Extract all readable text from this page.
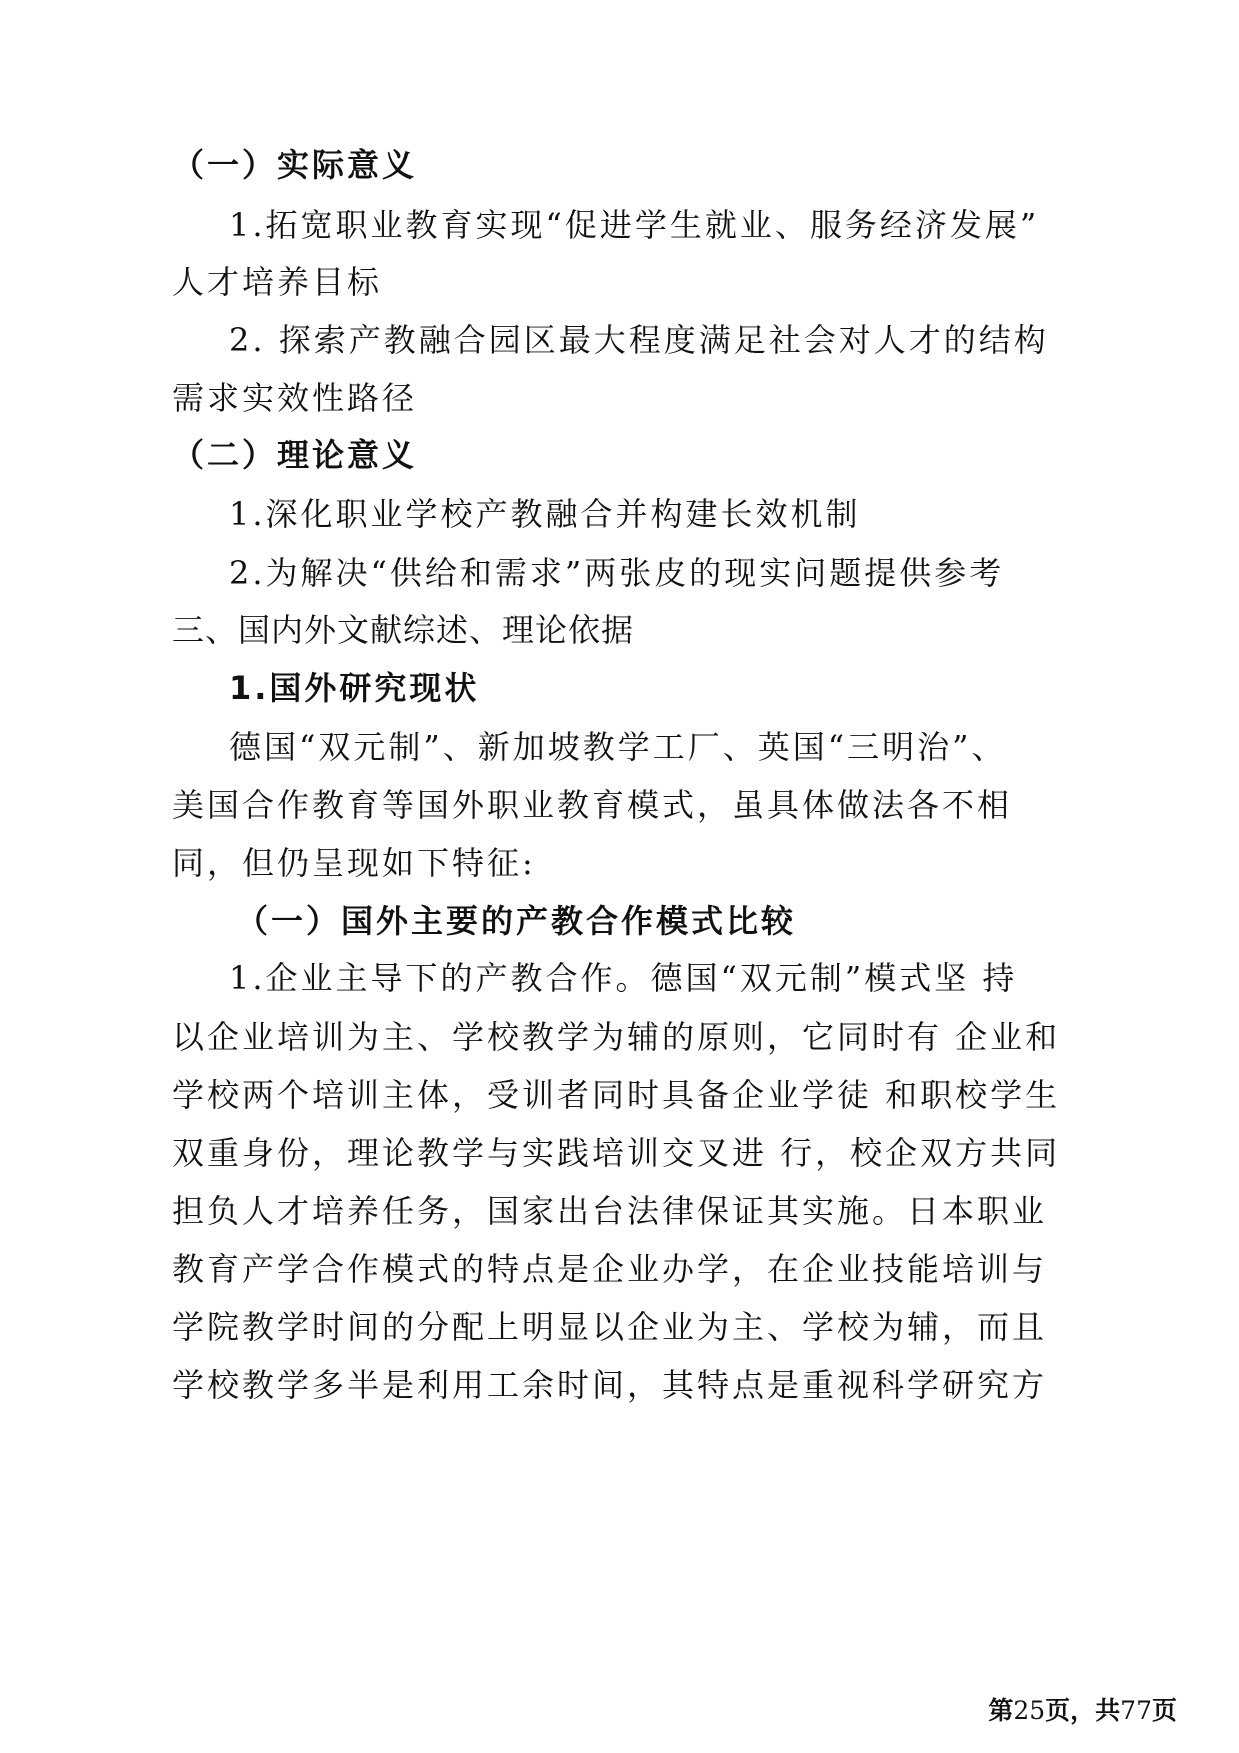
（一）实际意义
1.拓宽职业教育实现“促进学生就业、服务经济发展”
人才培养目标
2. 探索产教融合园区最大程度满足社会对人才的结构
需求实效性路径
（二）理论意义
1.深化职业学校产教融合并构建长效机制
2.为解决“供给和需求”两张皮的现实问题提供参考
三、国内外文献综述、理论依据
1.国外研究现状
德国“双元制”、新加坡教学工厂、英国“三明治”、
美国合作教育等国外职业教育模式，虽具体做法各不相
同，但仍呈现如下特征:
（一）国外主要的产教合作模式比较
1.企业主导下的产教合作。德国“双元制”模式坚 持
以企业培训为主、学校教学为辅的原则，它同时有 企业和
学校两个培训主体，受训者同时具备企业学徒 和职校学生
双重身份，理论教学与实践培训交叉进 行，校企双方共同
担负人才培养任务，国家出台法律保证其实施。日本职业
教育产学合作模式的特点是企业办学，在企业技能培训与
学院教学时间的分配上明显以企业为主、学校为辅，而且
学校教学多半是利用工余时间，其特点是重视科学研究方
第25页，共77页
